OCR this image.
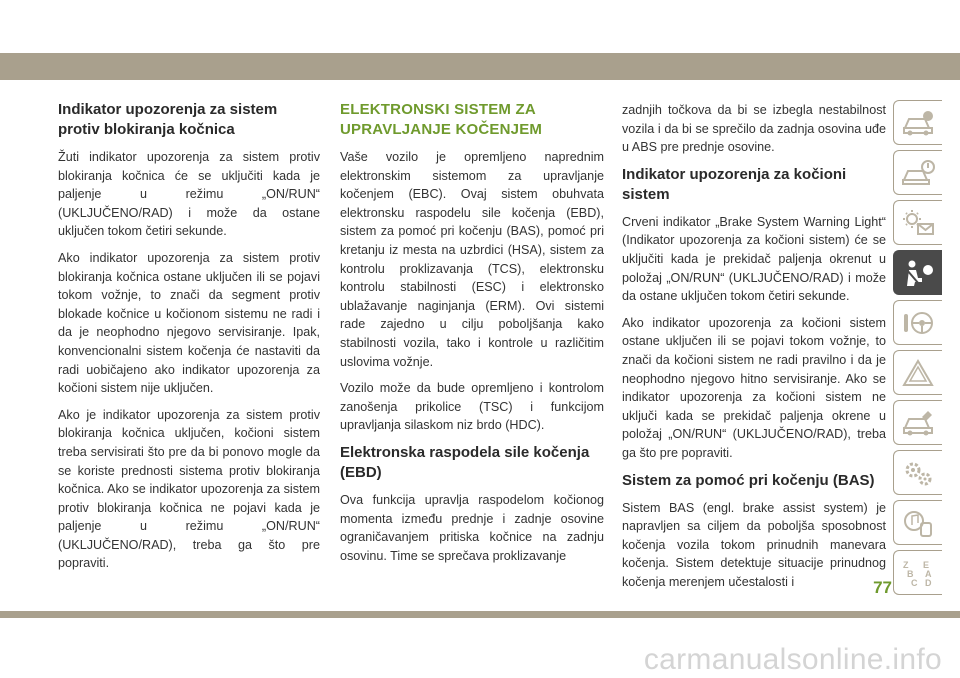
Indikator upozorenja za sistem protiv blokiranja kočnica

Žuti indikator upozorenja za sistem protiv blokiranja kočnica će se uključiti kada je paljenje u režimu „ON/RUN“ (UKLJUČENO/RAD) i može da ostane uključen tokom četiri sekunde.

Ako indikator upozorenja za sistem protiv blokiranja kočnica ostane uključen ili se pojavi tokom vožnje, to znači da segment protiv blokade kočnice u kočionom sistemu ne radi i da je neophodno njegovo servisiranje. Ipak, konvencionalni sistem kočenja će nastaviti da radi uobičajeno ako indikator upozorenja za kočioni sistem nije uključen.

Ako je indikator upozorenja za sistem protiv blokiranja kočnica uključen, kočioni sistem treba servisirati što pre da bi ponovo mogle da se koriste prednosti sistema protiv blokiranja kočnica. Ako se indikator upozorenja za sistem protiv blokiranja kočnica ne pojavi kada je paljenje u režimu „ON/RUN“ (UKLJUČENO/RAD), treba ga što pre popraviti.

ELEKTRONSKI SISTEM ZA UPRAVLJANJE KOČENJEM

Vaše vozilo je opremljeno naprednim elektronskim sistemom za upravljanje kočenjem (EBC). Ovaj sistem obuhvata elektronsku raspodelu sile kočenja (EBD), sistem za pomoć pri kočenju (BAS), pomoć pri kretanju iz mesta na uzbrdici (HSA), sistem za kontrolu proklizavanja (TCS), elektronsku kontrolu stabilnosti (ESC) i elektronsko ublažavanje naginjanja (ERM). Ovi sistemi rade zajedno u cilju poboljšanja kako stabilnosti vozila, tako i kontrole u različitim uslovima vožnje.

Vozilo može da bude opremljeno i kontrolom zanošenja prikolice (TSC) i funkcijom upravljanja silaskom niz brdo (HDC).

Elektronska raspodela sile kočenja (EBD)

Ova funkcija upravlja raspodelom kočionog momenta između prednje i zadnje osovine ograničavanjem pritiska kočnice na zadnju osovinu. Time se sprečava proklizavanje

zadnjih točkova da bi se izbegla nestabilnost vozila i da bi se sprečilo da zadnja osovina uđe u ABS pre prednje osovine.

Indikator upozorenja za kočioni sistem

Crveni indikator „Brake System Warning Light“ (Indikator upozorenja za kočioni sistem) će se uključiti kada je prekidač paljenja okrenut u položaj „ON/RUN“ (UKLJUČENO/RAD) i može da ostane uključen tokom četiri sekunde.

Ako indikator upozorenja za kočioni sistem ostane uključen ili se pojavi tokom vožnje, to znači da kočioni sistem ne radi pravilno i da je neophodno njegovo hitno servisiranje. Ako se indikator upozorenja za kočioni sistem ne uključi kada se prekidač paljenja okrene u položaj „ON/RUN“ (UKLJUČENO/RAD), treba ga što pre popraviti.

Sistem za pomoć pri kočenju (BAS)

Sistem BAS (engl. brake assist system) je napravljen sa ciljem da poboljša sposobnost kočenja vozila tokom prinudnih manevara kočenja. Sistem detektuje situacije prinudnog kočenja merenjem učestalosti i

Z E
B A
C D
77
carmanualsonline.info
